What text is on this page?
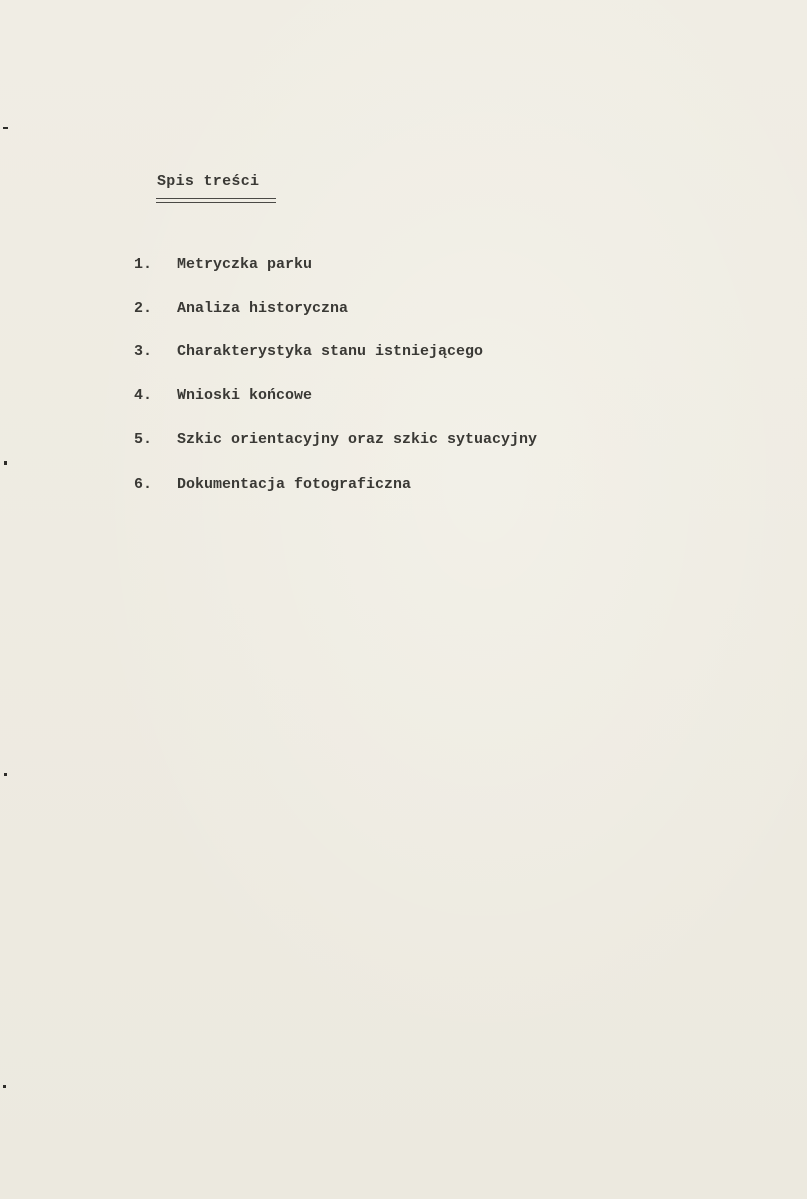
Spis treści
1. Metryczka parku
2. Analiza historyczna
3. Charakterystyka stanu istniejącego
4. Wnioski końcowe
5. Szkic orientacyjny oraz szkic sytuacyjny
6. Dokumentacja fotograficzna
